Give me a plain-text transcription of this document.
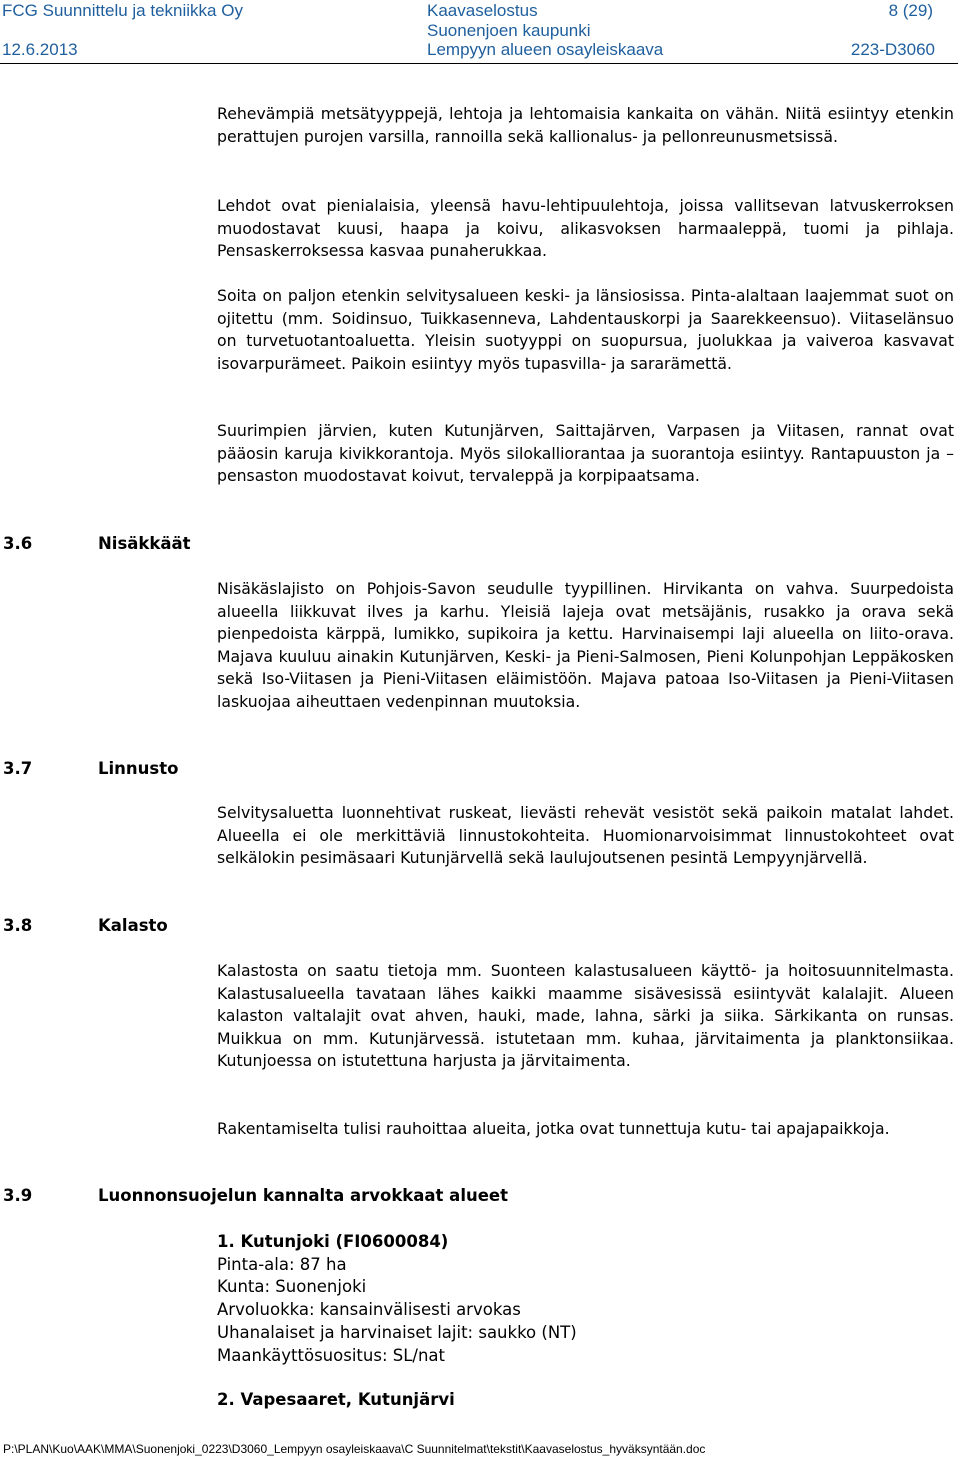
FCG Suunnittelu ja tekniikka Oy
12.6.2013
Kaavaselostus
Suonenjoen kaupunki
Lempyyn alueen osayleiskaava
8 (29)
223-D3060

Rehevämpiä metsätyyppejä, lehtoja ja lehtomaisia kankaita on vähän. Niitä esiintyy etenkin perattujen purojen varsilla, rannoilla sekä kallionalus- ja pellonreunusmetsissä.

Lehdot ovat pienialaisia, yleensä havu-lehtipuulehtoja, joissa vallitsevan latvuskerroksen muodostavat kuusi, haapa ja koivu, alikasvoksen harmaaleppä, tuomi ja pihlaja. Pensaskerroksessa kasvaa punaherukkaa.

Soita on paljon etenkin selvitysalueen keski- ja länsiosissa. Pinta-alaltaan laajemmat suot on ojitettu (mm. Soidinsuo, Tuikkasenneva, Lahdentauskorpi ja Saarekkeensuo). Viitaselänsuo on turvetuotantoaluetta. Yleisin suotyyppi on suopursua, juolukkaa ja vaiveroa kasvavat isovarpurämeet. Paikoin esiintyy myös tupasvilla- ja sararämettä.

Suurimpien järvien, kuten Kutunjärven, Saittajärven, Varpasen ja Viitasen, rannat ovat pääosin karuja kivikkorantoja. Myös silokalliorantaa ja suorantoja esiintyy. Rantapuuston ja –pensaston muodostavat koivut, tervaleppä ja korpipaatsama.

3.6	Nisäkkäät

Nisäkäslajisto on Pohjois-Savon seudulle tyypillinen. Hirvikanta on vahva. Suurpedoista alueella liikkuvat ilves ja karhu. Yleisiä lajeja ovat metsäjänis, rusakko ja orava sekä pienpedoista kärppä, lumikko, supikoira ja kettu. Harvinaisempi laji alueella on liito-orava. Majava kuuluu ainakin Kutunjärven, Keski- ja Pieni-Salmosen, Pieni Kolunpohjan Leppäkosken sekä Iso-Viitasen ja Pieni-Viitasen eläimistöön. Majava patoaa Iso-Viitasen ja Pieni-Viitasen laskuojaa aiheuttaen vedenpinnan muutoksia.

3.7	Linnusto

Selvitysaluetta luonnehtivat ruskeat, lievästi rehevät vesistöt sekä paikoin matalat lahdet. Alueella ei ole merkittäviä linnustokohteita. Huomionarvoisimmat linnustokohteet ovat selkälokin pesimäsaari Kutunjärvellä sekä laulujoutsenen pesintä Lempyynjärvellä.

3.8	Kalasto

Kalastosta on saatu tietoja mm. Suonteen kalastusalueen käyttö- ja hoitosuunnitelmasta. Kalastusalueella tavataan lähes kaikki maamme sisävesissä esiintyvät kalalajit. Alueen kalaston valtalajit ovat ahven, hauki, made, lahna, särki ja siika. Särkikanta on runsas. Muikkua on mm. Kutunjärvessä. istutetaan mm. kuhaa, järvitaimenta ja planktonsiikaa. Kutunjoessa on istutettuna harjusta ja järvitaimenta.

Rakentamiselta tulisi rauhoittaa alueita, jotka ovat tunnettuja kutu- tai apajapaikkoja.

3.9	Luonnonsuojelun kannalta arvokkaat alueet
1. Kutunjoki (FI0600084)
Pinta-ala: 87 ha
Kunta: Suonenjoki
Arvoluokka: kansainvälisesti arvokas
Uhanalaiset ja harvinaiset lajit: saukko (NT)
Maankäyttösuositus: SL/nat
2. Vapesaaret, Kutunjärvi

P:\PLAN\Kuo\AAK\MMA\Suonenjoki_0223\D3060_Lempyyn osayleiskaava\C Suunnitelmat\tekstit\Kaavaselostus_hyväksyntään.doc
